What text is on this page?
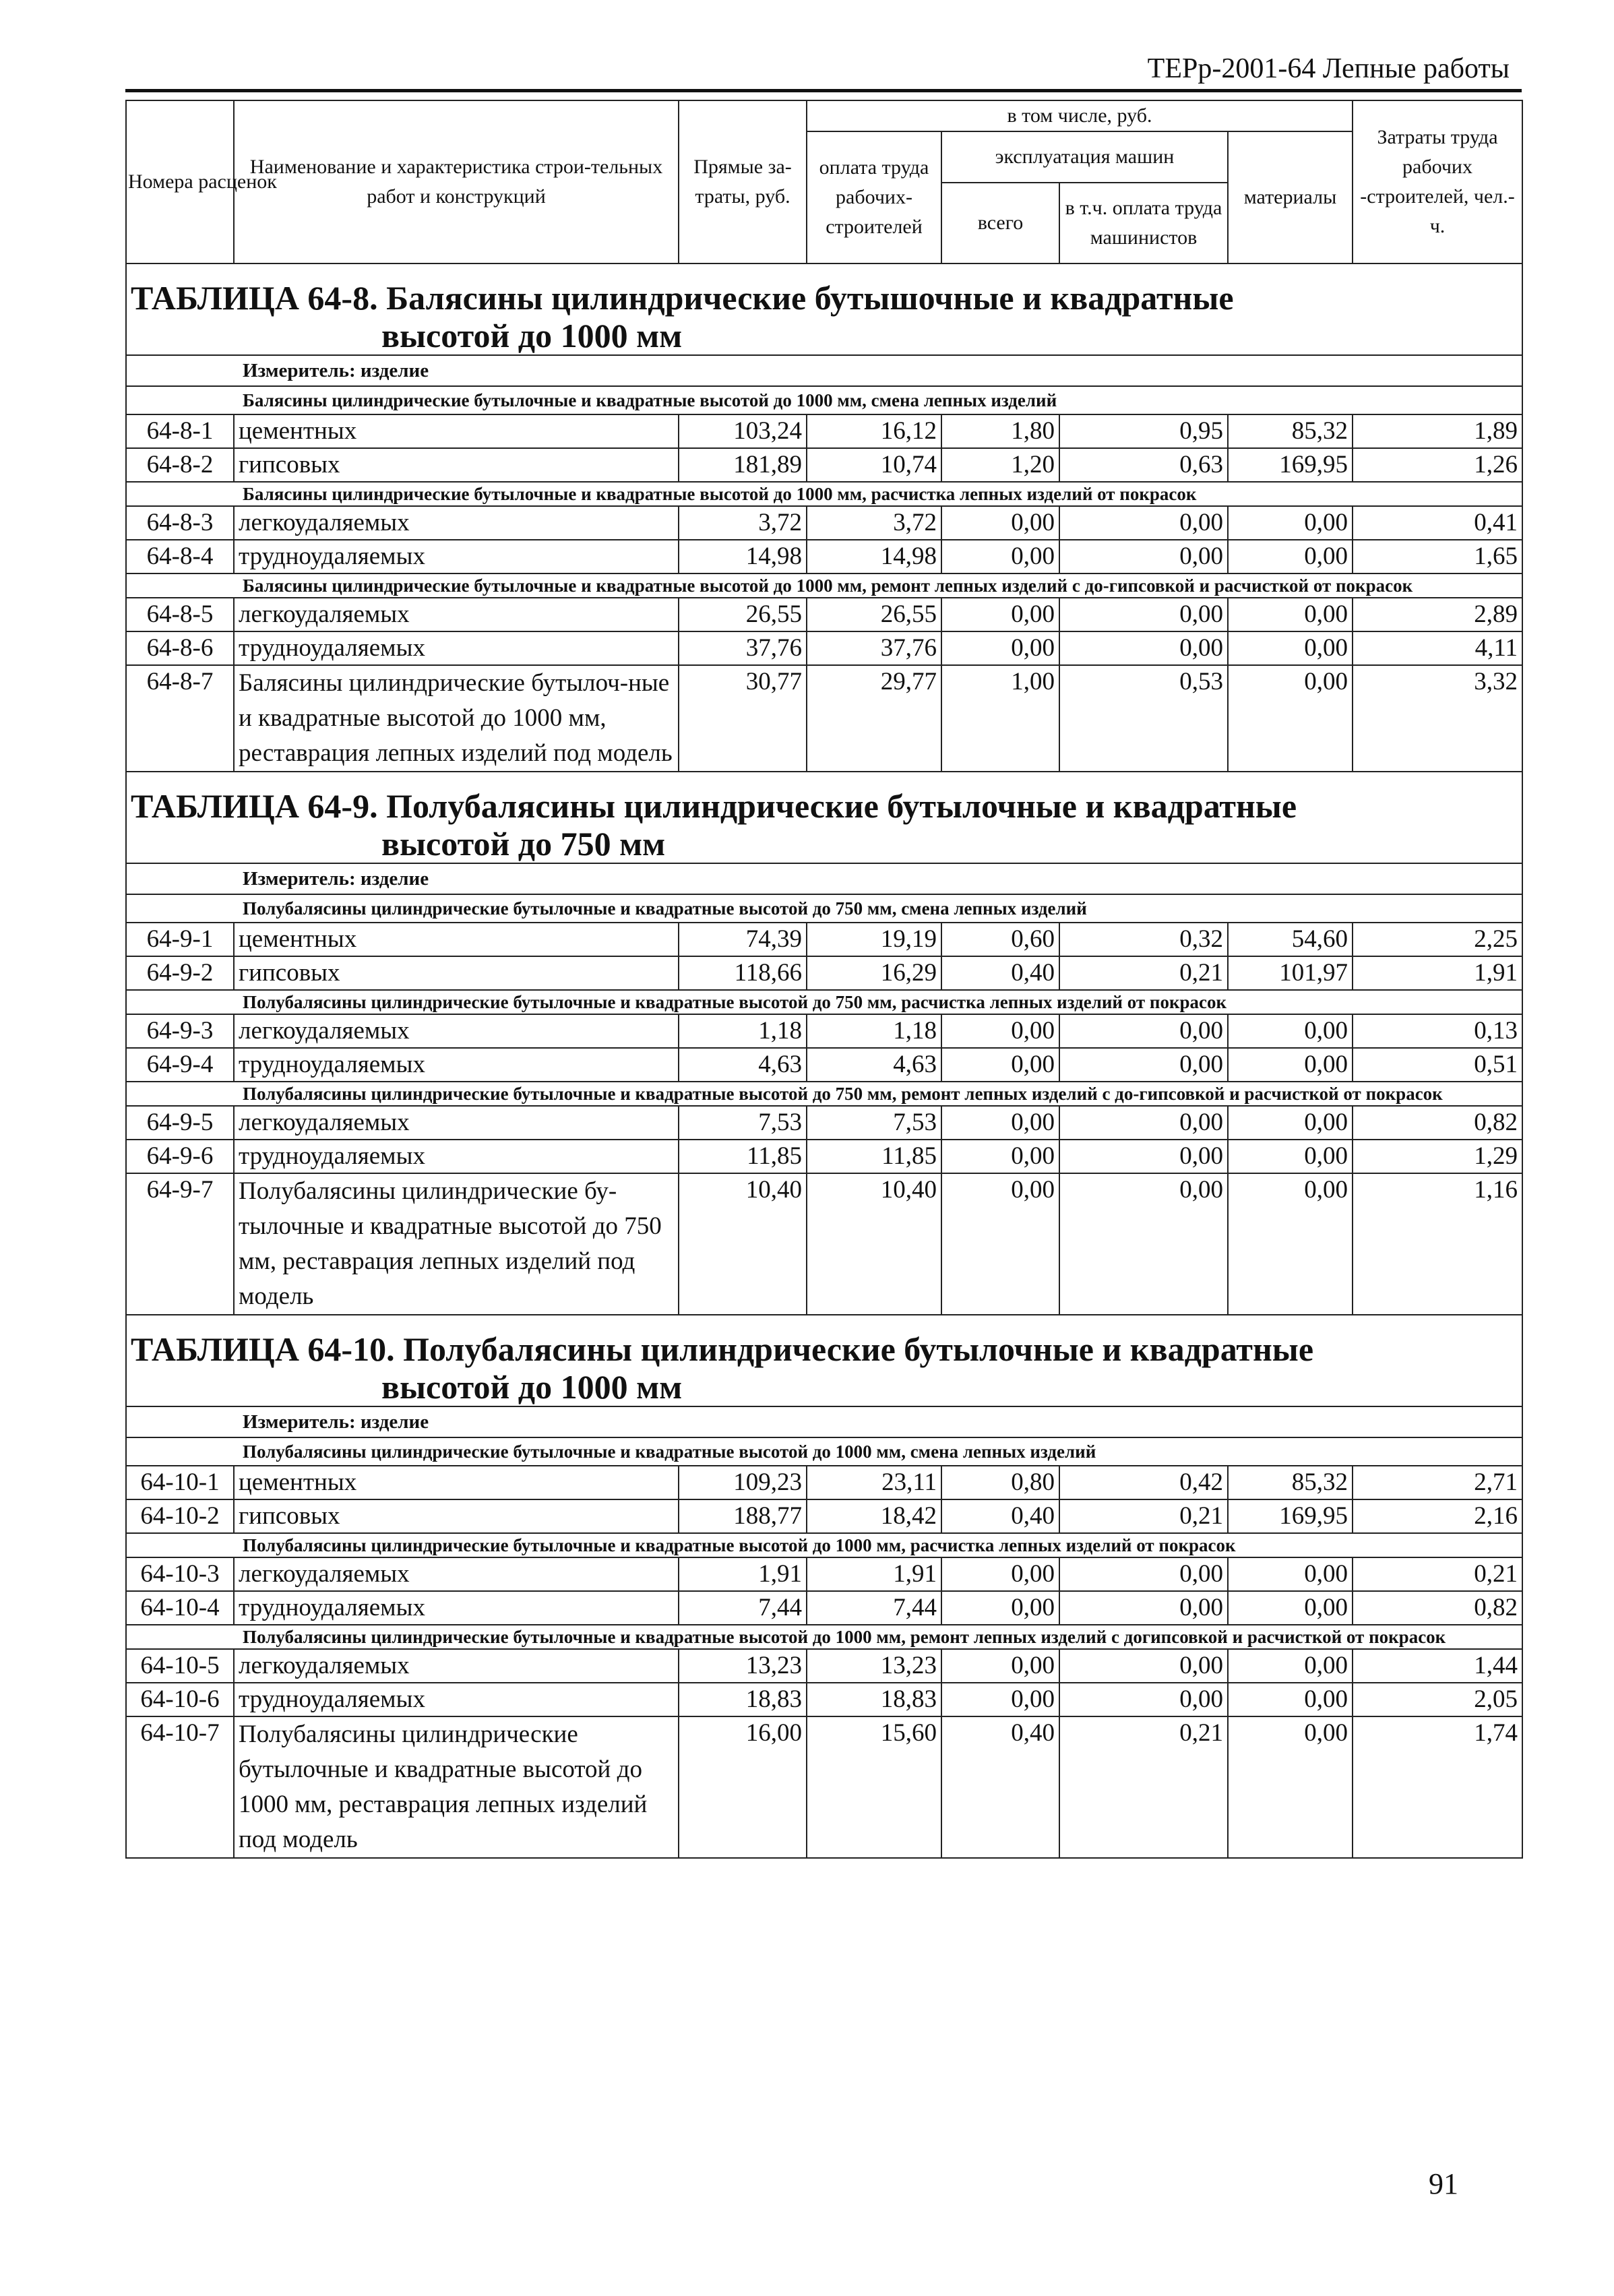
ТЕРр-2001-64 Лепные работы
Номера расценок	Наименование и характеристика строи-тельных работ и конструкций	Прямые за-траты, руб.	в том числе, руб.				Затраты труда рабочих -строителей, чел.-ч.
			оплата труда рабочих-строителей	эксплуатация машин		материалы	
				всего	в т.ч. оплата труда машинистов		

ТАБЛИЦА 64-8. Балясины цилиндрические бутышочные и квадратные
высотой до 1000 мм							

Измеритель: изделие							
Балясины цилиндрические бутылочные и квадратные высотой до 1000 мм, смена лепных изделий							
64-8-1	цементных	103,24	16,12	1,80	0,95	85,32	1,89
64-8-2	гипсовых	181,89	10,74	1,20	0,63	169,95	1,26
Балясины цилиндрические бутылочные и квадратные высотой до 1000 мм, расчистка лепных изделий от покрасок							
64-8-3	легкоудаляемых	3,72	3,72	0,00	0,00	0,00	0,41
64-8-4	трудноудаляемых	14,98	14,98	0,00	0,00	0,00	1,65
Балясины цилиндрические бутылочные и квадратные высотой до 1000 мм, ремонт лепных изделий с до-гипсовкой и расчисткой от покрасок							
64-8-5	легкоудаляемых	26,55	26,55	0,00	0,00	0,00	2,89
64-8-6	трудноудаляемых	37,76	37,76	0,00	0,00	0,00	4,11
64-8-7	Балясины цилиндрические бутылоч-ные и квадратные высотой до 1000 мм, реставрация лепных изделий под модель	30,77	29,77	1,00	0,53	0,00	3,32
ТАБЛИЦА 64-9. Полубалясины цилиндрические бутылочные и квадратные
высотой до 750 мм							

Измеритель: изделие							
Полубалясины цилиндрические бутылочные и квадратные высотой до 750 мм, смена лепных изделий							
64-9-1	цементных	74,39	19,19	0,60	0,32	54,60	2,25
64-9-2	гипсовых	118,66	16,29	0,40	0,21	101,97	1,91
Полубалясины цилиндрические бутылочные и квадратные высотой до 750 мм, расчистка лепных изделий от покрасок							
64-9-3	легкоудаляемых	1,18	1,18	0,00	0,00	0,00	0,13
64-9-4	трудноудаляемых	4,63	4,63	0,00	0,00	0,00	0,51
Полубалясины цилиндрические бутылочные и квадратные высотой до 750 мм, ремонт лепных изделий с до-гипсовкой и расчисткой от покрасок							
64-9-5	легкоудаляемых	7,53	7,53	0,00	0,00	0,00	0,82
64-9-6	трудноудаляемых	11,85	11,85	0,00	0,00	0,00	1,29
64-9-7	Полубалясины цилиндрические бу-тылочные и квадратные высотой до 750 мм, реставрация лепных изделий под модель	10,40	10,40	0,00	0,00	0,00	1,16
ТАБЛИЦА 64-10. Полубалясины цилиндрические бутылочные и квадратные
высотой до 1000 мм							

Измеритель: изделие							
Полубалясины цилиндрические бутылочные и квадратные высотой до 1000 мм, смена лепных изделий							
64-10-1	цементных	109,23	23,11	0,80	0,42	85,32	2,71
64-10-2	гипсовых	188,77	18,42	0,40	0,21	169,95	2,16
Полубалясины цилиндрические бутылочные и квадратные высотой до 1000 мм, расчистка лепных изделий от покрасок							
64-10-3	легкоудаляемых	1,91	1,91	0,00	0,00	0,00	0,21
64-10-4	трудноудаляемых	7,44	7,44	0,00	0,00	0,00	0,82
Полубалясины цилиндрические бутылочные и квадратные высотой до 1000 мм, ремонт лепных изделий с догипсовкой и расчисткой от покрасок							
64-10-5	легкоудаляемых	13,23	13,23	0,00	0,00	0,00	1,44
64-10-6	трудноудаляемых	18,83	18,83	0,00	0,00	0,00	2,05
64-10-7	Полубалясины цилиндрические бутылочные и квадратные высотой до 1000 мм, реставрация лепных изделий под модель	16,00	15,60	0,40	0,21	0,00	1,74
91
